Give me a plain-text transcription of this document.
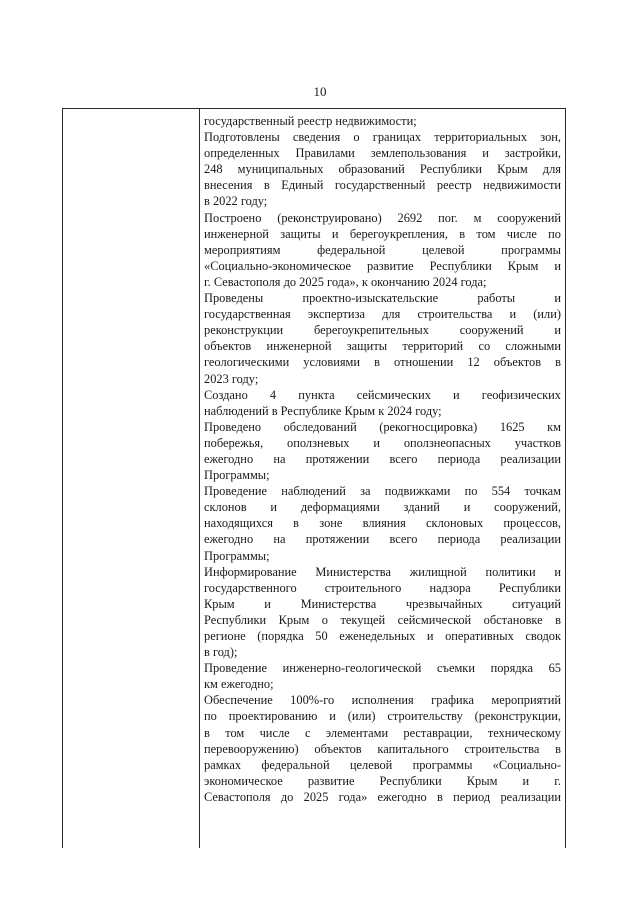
10
государственный реестр недвижимости;
Подготовлены сведения о границах территориальных зон,
определенных Правилами землепользования и застройки,
248 муниципальных образований Республики Крым для
внесения в Единый государственный реестр недвижимости
в 2022 году;
Построено (реконструировано) 2692 пог. м сооружений
инженерной защиты и берегоукрепления, в том числе по
мероприятиям федеральной целевой программы
«Социально-экономическое развитие Республики Крым и
г. Севастополя до 2025 года», к окончанию 2024 года;
Проведены проектно-изыскательские работы и
государственная экспертиза для строительства и (или)
реконструкции берегоукрепительных сооружений и
объектов инженерной защиты территорий со сложными
геологическими условиями в отношении 12 объектов в
2023 году;
Создано 4 пункта сейсмических и геофизических
наблюдений в Республике Крым к 2024 году;
Проведено обследований (рекогносцировка) 1625 км
побережья, оползневых и оползнеопасных участков
ежегодно на протяжении всего периода реализации
Программы;
Проведение наблюдений за подвижками по 554 точкам
склонов и деформациями зданий и сооружений,
находящихся в зоне влияния склоновых процессов,
ежегодно на протяжении всего периода реализации
Программы;
Информирование Министерства жилищной политики и
государственного строительного надзора Республики
Крым и Министерства чрезвычайных ситуаций
Республики Крым о текущей сейсмической обстановке в
регионе (порядка 50 еженедельных и оперативных сводок
в год);
Проведение инженерно-геологической съемки порядка 65
км ежегодно;
Обеспечение 100%-го исполнения графика мероприятий
по проектированию и (или) строительству (реконструкции,
в том числе с элементами реставрации, техническому
перевооружению) объектов капитального строительства в
рамках федеральной целевой программы «Социально-
экономическое развитие Республики Крым и г.
Севастополя до 2025 года» ежегодно в период реализации
